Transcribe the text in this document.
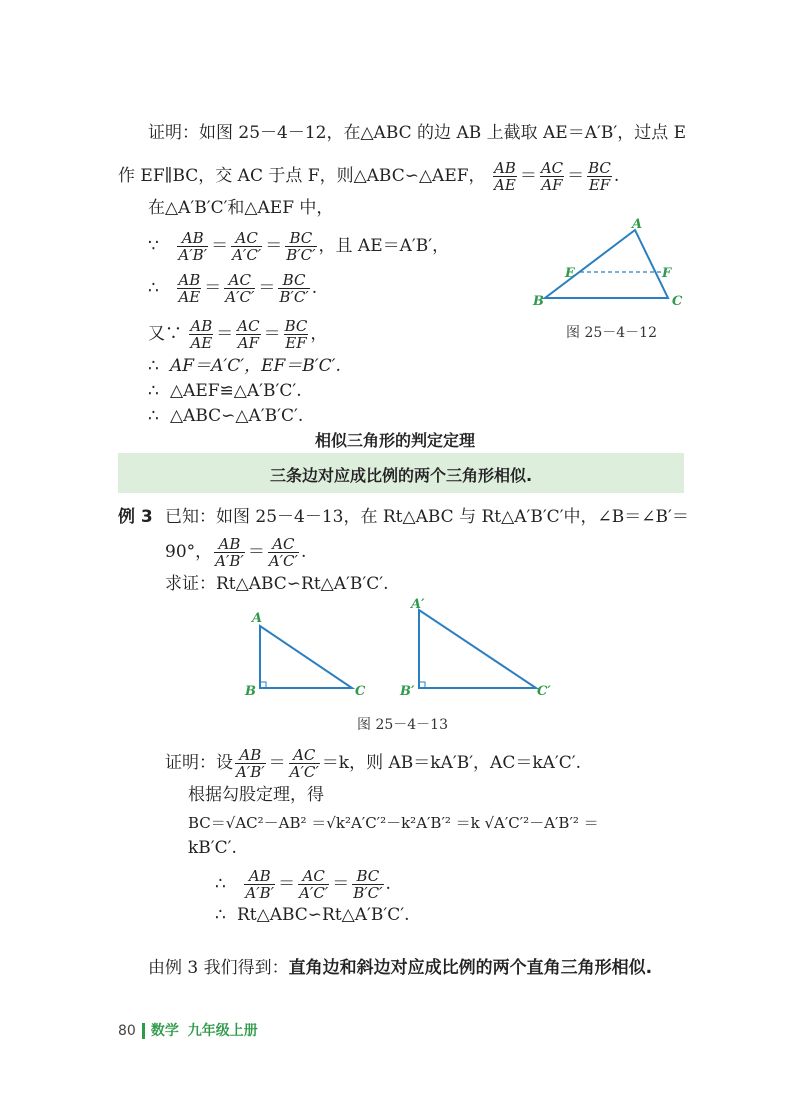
证明：如图 25－4－12，在△ABC 的边 AB 上截取 AE＝A′B′，过点 E
作 EF∥BC，交 AC 于点 F，则△ABC∽△AEF， $\frac{AB}{AE} = \frac{AC}{AF} = \frac{BC}{EF}$ .
在△A′B′C′和△AEF 中，
∵ $\frac{AB}{A'B'} = \frac{AC}{A'C'} = \frac{BC}{B'C'}$ ，且 AE＝A′B′，
∴ $\frac{AB}{AE} = \frac{AC}{A'C'} = \frac{BC}{B'C'}$ .
又∵ $\frac{AB}{AE} = \frac{AC}{AF} = \frac{BC}{EF}$ ，
∴ AF＝A′C′，EF＝B′C′.
∴ △AEF≌△A′B′C′.
∴ △ABC∽△A′B′C′.
A
E	F
B	C
图 25－4－12
相似三角形的判定定理
三条边对应成比例的两个三角形相似.
例 3 已知：如图 25－4－13，在 Rt△ABC 与 Rt△A′B′C′中，∠B＝∠B′＝
90°， $\frac{AB}{A'B'} = \frac{AC}{A'C'}$ .
求证：Rt△ABC∽Rt△A′B′C′.
A
B	C
A′
B′	C′
图 25－4－13
证明：设 $\frac{AB}{A'B'} = \frac{AC}{A'C'} =k$，则 AB＝kA′B′，AC＝kA′C′.
根据勾股定理，得
BC＝√AC²－AB² ＝√k²A′C′²－k²A′B′² ＝k √A′C′²－A′B′² ＝
kB′C′.
∴ $\frac{AB}{A'B'} = \frac{AC}{A'C'} = \frac{BC}{B'C'}$ .
∴ Rt△ABC∽Rt△A′B′C′.
由例 3 我们得到：直角边和斜边对应成比例的两个直角三角形相似.
80 数学 九年级上册
